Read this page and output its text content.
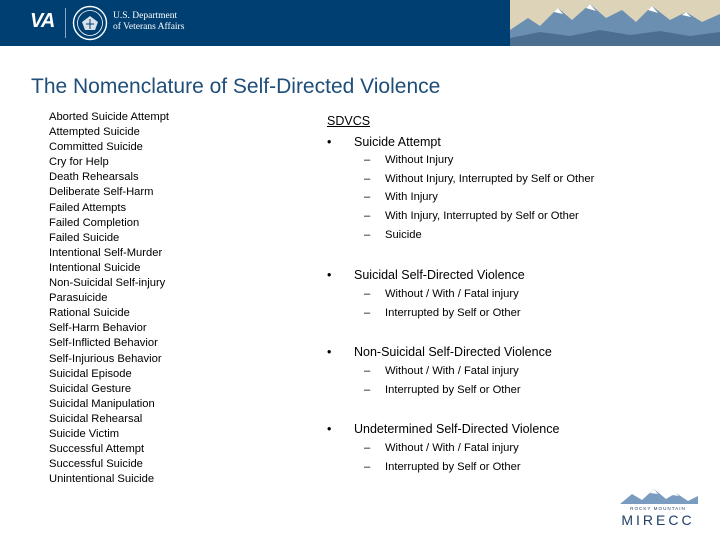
VA	U.S. Department
of Veterans Affairs
The Nomenclature of Self-Directed Violence
Aborted Suicide Attempt
Attempted Suicide
Committed Suicide
Cry for Help
Death Rehearsals
Deliberate Self-Harm
Failed Attempts
Failed Completion
Failed Suicide
Intentional Self-Murder
Intentional Suicide
Non-Suicidal Self-injury
Parasuicide
Rational Suicide
Self-Harm Behavior
Self-Inflicted Behavior
Self-Injurious Behavior
Suicidal Episode
Suicidal Gesture
Suicidal Manipulation
Suicidal Rehearsal
Suicide Victim
Successful Attempt
Successful Suicide
Unintentional Suicide
SDVCS
• Suicide Attempt
– Without Injury
– Without Injury, Interrupted by Self or Other
– With Injury
– With Injury, Interrupted by Self or Other
– Suicide
• Suicidal Self-Directed Violence
– Without / With / Fatal injury
– Interrupted by Self or Other
• Non-Suicidal Self-Directed Violence
– Without / With / Fatal injury
– Interrupted by Self or Other
• Undetermined Self-Directed Violence
– Without / With / Fatal injury
– Interrupted by Self or Other
ROCKY MOUNTAIN
MIRECC
